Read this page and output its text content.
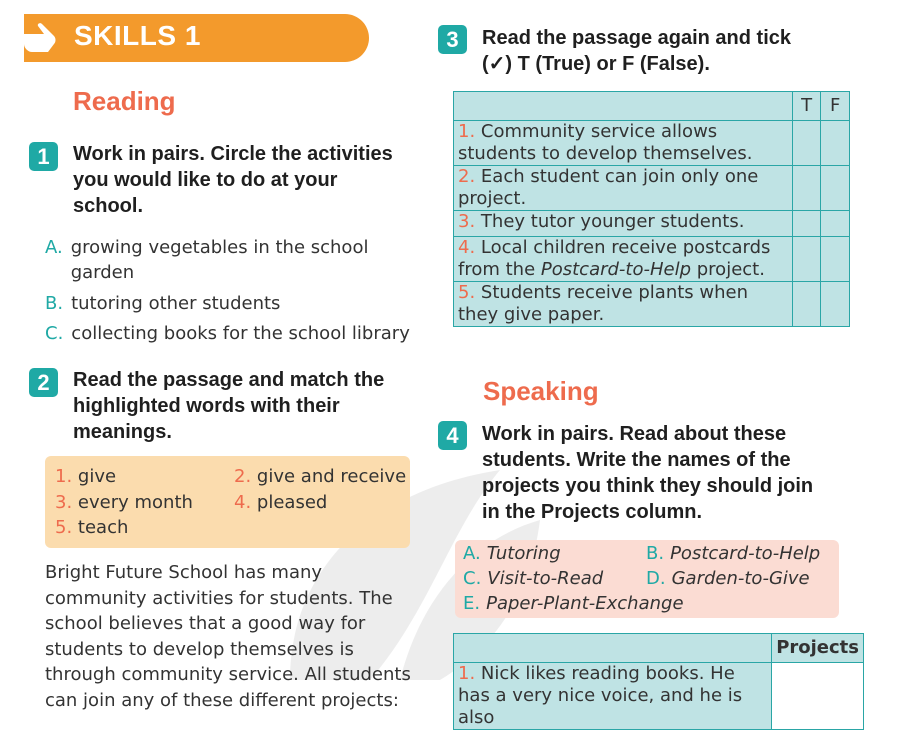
SKILLS 1
Reading
1	Work in pairs. Circle the activities you would like to do at your school.
A. growing vegetables in the school garden
B. tutoring other students
C. collecting books for the school library
2	Read the passage and match the highlighted words with their meanings.
1. give	2. give and receive
3. every month 4. pleased
5. teach
Bright Future School has many community activities for students. The school believes that a good way for students to develop themselves is through community service. All students can join any of these different projects:
3	Read the passage again and tick (✓) T (True) or F (False).
	T	F
1. Community service allows students to develop themselves.		
2. Each student can join only one project.		
3. They tutor younger students.		
4. Local children receive postcards from the Postcard-to-Help project.		
5. Students receive plants when they give paper.		
Speaking
4	Work in pairs. Read about these students. Write the names of the projects you think they should join in the Projects column.
A. Tutoring	B. Postcard-to-Help
C. Visit-to-Read D. Garden-to-Give
E. Paper-Plant-Exchange
	Projects
1. Nick likes reading books. He has a very nice voice, and he is also	
